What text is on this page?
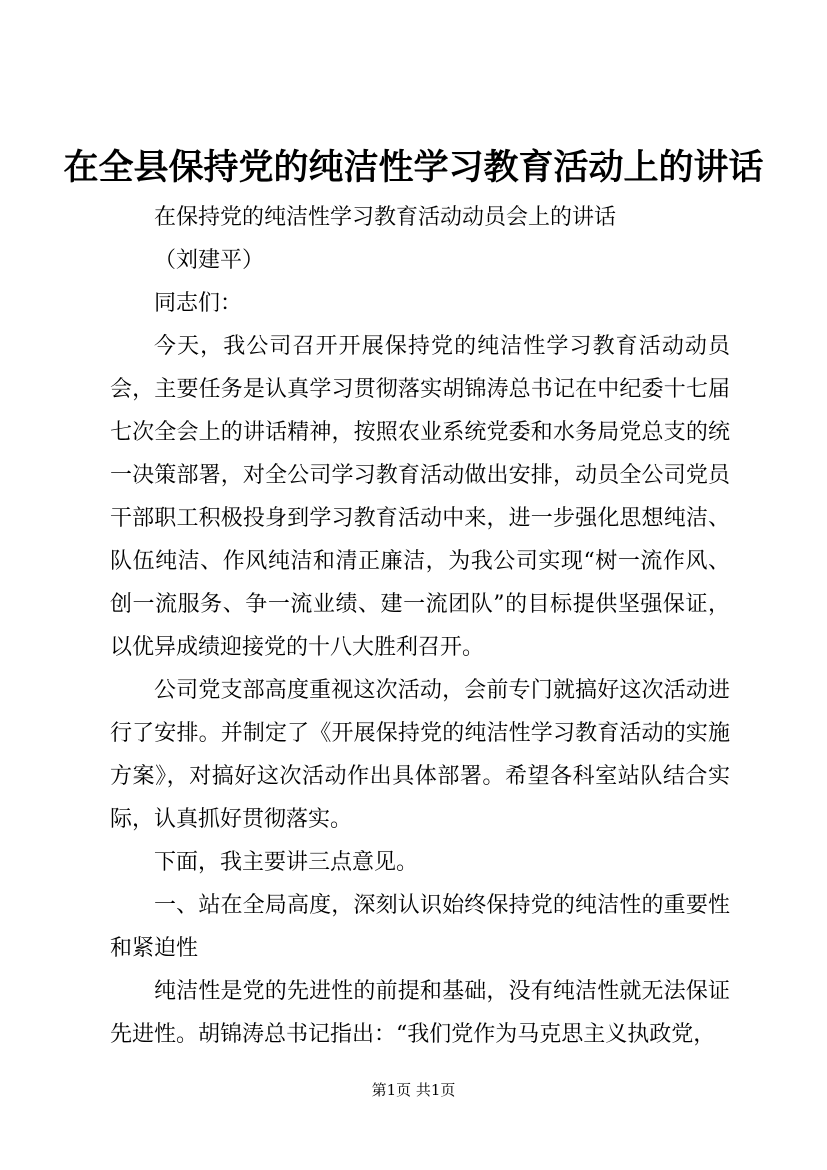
在全县保持党的纯洁性学习教育活动上的讲话

在保持党的纯洁性学习教育活动动员会上的讲话

（刘建平）

同志们：

今天，我公司召开开展保持党的纯洁性学习教育活动动员会，主要任务是认真学习贯彻落实胡锦涛总书记在中纪委十七届七次全会上的讲话精神，按照农业系统党委和水务局党总支的统一决策部署，对全公司学习教育活动做出安排，动员全公司党员干部职工积极投身到学习教育活动中来，进一步强化思想纯洁、队伍纯洁、作风纯洁和清正廉洁，为我公司实现“树一流作风、创一流服务、争一流业绩、建一流团队”的目标提供坚强保证，以优异成绩迎接党的十八大胜利召开。

公司党支部高度重视这次活动，会前专门就搞好这次活动进行了安排。并制定了《开展保持党的纯洁性学习教育活动的实施方案》，对搞好这次活动作出具体部署。希望各科室站队结合实际，认真抓好贯彻落实。

下面，我主要讲三点意见。

一、站在全局高度，深刻认识始终保持党的纯洁性的重要性和紧迫性

纯洁性是党的先进性的前提和基础，没有纯洁性就无法保证先进性。胡锦涛总书记指出：“我们党作为马克思主义执政党，

第1页 共1页
